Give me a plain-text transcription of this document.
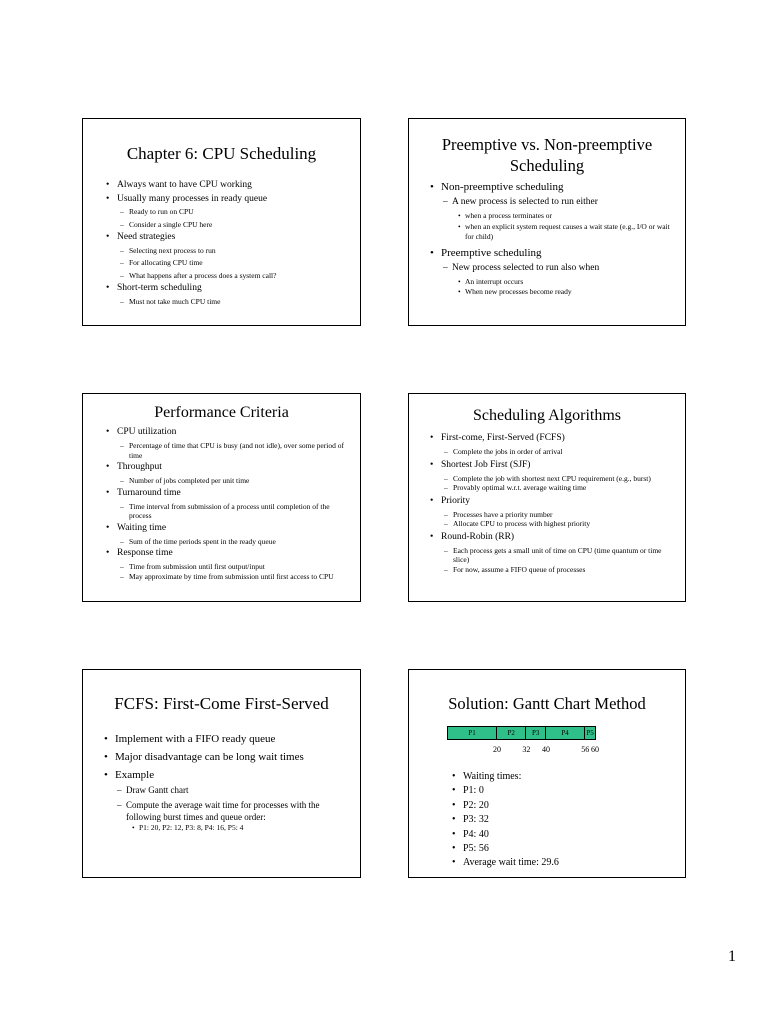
Chapter 6: CPU Scheduling
• Always want to have CPU working
• Usually many processes in ready queue
– Ready to run on CPU
– Consider a single CPU here
• Need strategies
– Selecting next process to run
– For allocating CPU time
– What happens after a process does a system call?
• Short-term scheduling
– Must not take much CPU time
Preemptive vs. Non-preemptive Scheduling
• Non-preemptive scheduling
– A new process is selected to run either
• when a process terminates or
• when an explicit system request causes a wait state (e.g., I/O or wait for child)
• Preemptive scheduling
– New process selected to run also when
• An interrupt occurs
• When new processes become ready
Performance Criteria
• CPU utilization
– Percentage of time that CPU is busy (and not idle), over some period of time
• Throughput
– Number of jobs completed per unit time
• Turnaround time
– Time interval from submission of a process until completion of the process
• Waiting time
– Sum of the time periods spent in the ready queue
• Response time
– Time from submission until first output/input
– May approximate by time from submission until first access to CPU
Scheduling Algorithms
• First-come, First-Served (FCFS)
– Complete the jobs in order of arrival
• Shortest Job First (SJF)
– Complete the job with shortest next CPU requirement (e.g., burst)
– Provably optimal w.r.t. average waiting time
• Priority
– Processes have a priority number
– Allocate CPU to process with highest priority
• Round-Robin (RR)
– Each process gets a small unit of time on CPU (time quantum or time slice)
– For now, assume a FIFO queue of processes
FCFS: First-Come First-Served
• Implement with a FIFO ready queue
• Major disadvantage can be long wait times
• Example
– Draw Gantt chart
– Compute the average wait time for processes with the following burst times and queue order:
• P1: 20, P2: 12, P3: 8, P4: 16, P5: 4
Solution: Gantt Chart Method
P1	P2	P3	P4	P5
• Waiting times:
• P1: 0
• P2: 20
• P3: 32
• P4: 40
• P5: 56
• Average wait time: 29.6
20	32 40	56 60
1
